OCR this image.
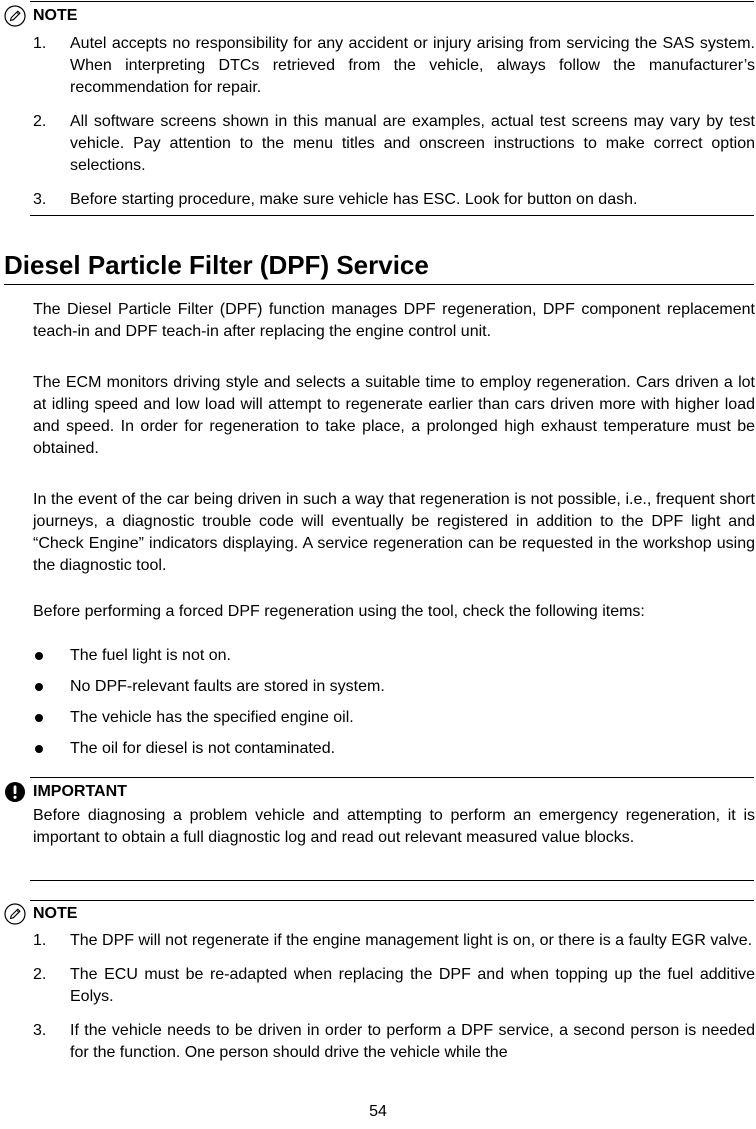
NOTE
1. Autel accepts no responsibility for any accident or injury arising from servicing the SAS system. When interpreting DTCs retrieved from the vehicle, always follow the manufacturer’s recommendation for repair.
2. All software screens shown in this manual are examples, actual test screens may vary by test vehicle. Pay attention to the menu titles and onscreen instructions to make correct option selections.
3. Before starting procedure, make sure vehicle has ESC. Look for button on dash.
Diesel Particle Filter (DPF) Service

The Diesel Particle Filter (DPF) function manages DPF regeneration, DPF component replacement teach-in and DPF teach-in after replacing the engine control unit.

The ECM monitors driving style and selects a suitable time to employ regeneration. Cars driven a lot at idling speed and low load will attempt to regenerate earlier than cars driven more with higher load and speed. In order for regeneration to take place, a prolonged high exhaust temperature must be obtained.

In the event of the car being driven in such a way that regeneration is not possible, i.e., frequent short journeys, a diagnostic trouble code will eventually be registered in addition to the DPF light and “Check Engine” indicators displaying. A service regeneration can be requested in the workshop using the diagnostic tool.

Before performing a forced DPF regeneration using the tool, check the following items:

The fuel light is not on.
No DPF-relevant faults are stored in system.
The vehicle has the specified engine oil.
The oil for diesel is not contaminated.
IMPORTANT

Before diagnosing a problem vehicle and attempting to perform an emergency regeneration, it is important to obtain a full diagnostic log and read out relevant measured value blocks.

NOTE
1. The DPF will not regenerate if the engine management light is on, or there is a faulty EGR valve.
2. The ECU must be re-adapted when replacing the DPF and when topping up the fuel additive Eolys.
3. If the vehicle needs to be driven in order to perform a DPF service, a second person is needed for the function. One person should drive the vehicle while the
54
